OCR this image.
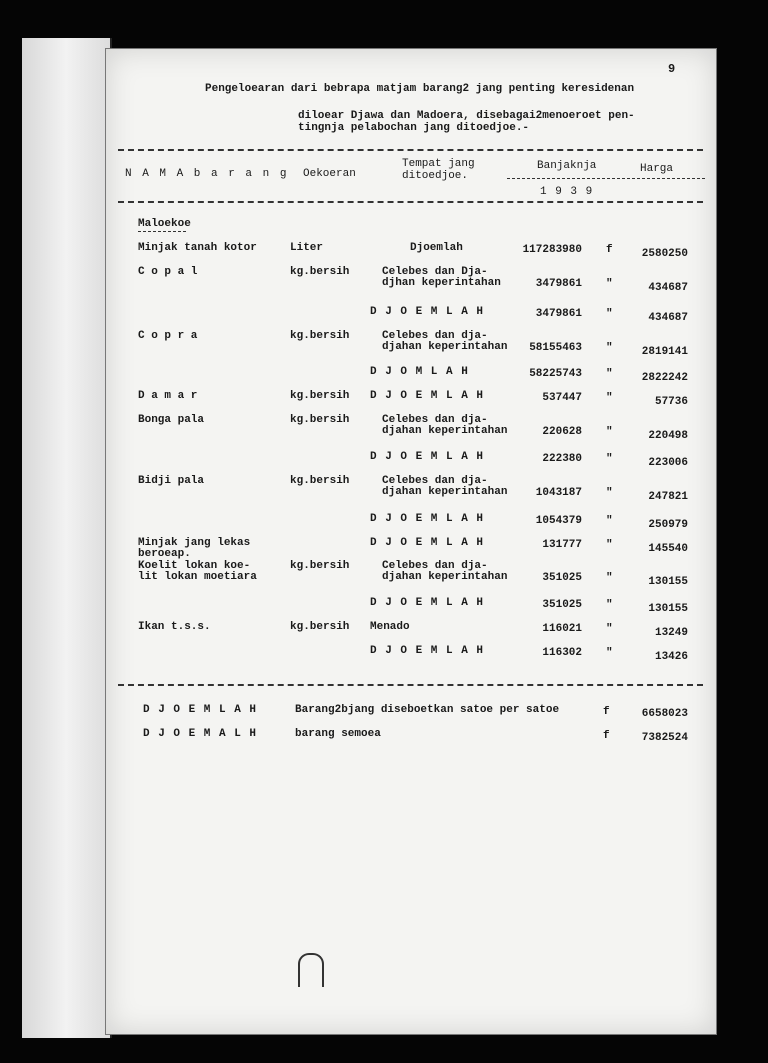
9
Pengeloearan dari bebrapa matjam barang2 jang penting keresidenan
diloear Djawa dan Madoera, disebagai2menoeroet pen-
tingnja pelabochan jang ditoedjoe.-
N A M A b a r a n g Oekoeran
Tempat jang
ditoedjoe.
Banjaknja	Harga
1 9 3 9
Maloekoe
Minjak tanah kotor	Liter	Djoemlah	117283980 f	2580250
C o p a l	kg.bersih	Celebes dan Dja-
djhan keperintahan	3479861 "	434687
D J O E M L A H	3479861 "	434687
C o p r a	kg.bersih	Celebes dan dja-
djahan keperintahan	58155463 "	2819141
D J O M L A H	58225743 "	2822242
D a m a r	kg.bersih D J O E M L A H	537447 "	57736
Bonga pala	kg.bersih	Celebes dan dja-
djahan keperintahan	220628 "	220498
D J O E M L A H	222380 "	223006
Bidji pala	kg.bersih	Celebes dan dja-
djahan keperintahan	1043187 "	247821
D J O E M L A H	1054379 "	250979
Minjak jang lekas
beroeap.
D J O E M L A H	131777 "	145540
Koelit lokan koe-
lit lokan moetiara
kg.bersih	Celebes dan dja-
djahan keperintahan	351025 "	130155
D J O E M L A H	351025 "	130155
Ikan t.s.s.	kg.bersih Menado	116021 "	13249
D J O E M L A H	116302 "	13426
D J O E M L A H	Barang2bjang diseboetkan satoe per satoe	f	6658023
D J O E M A L H	barang semoea	f	7382524
